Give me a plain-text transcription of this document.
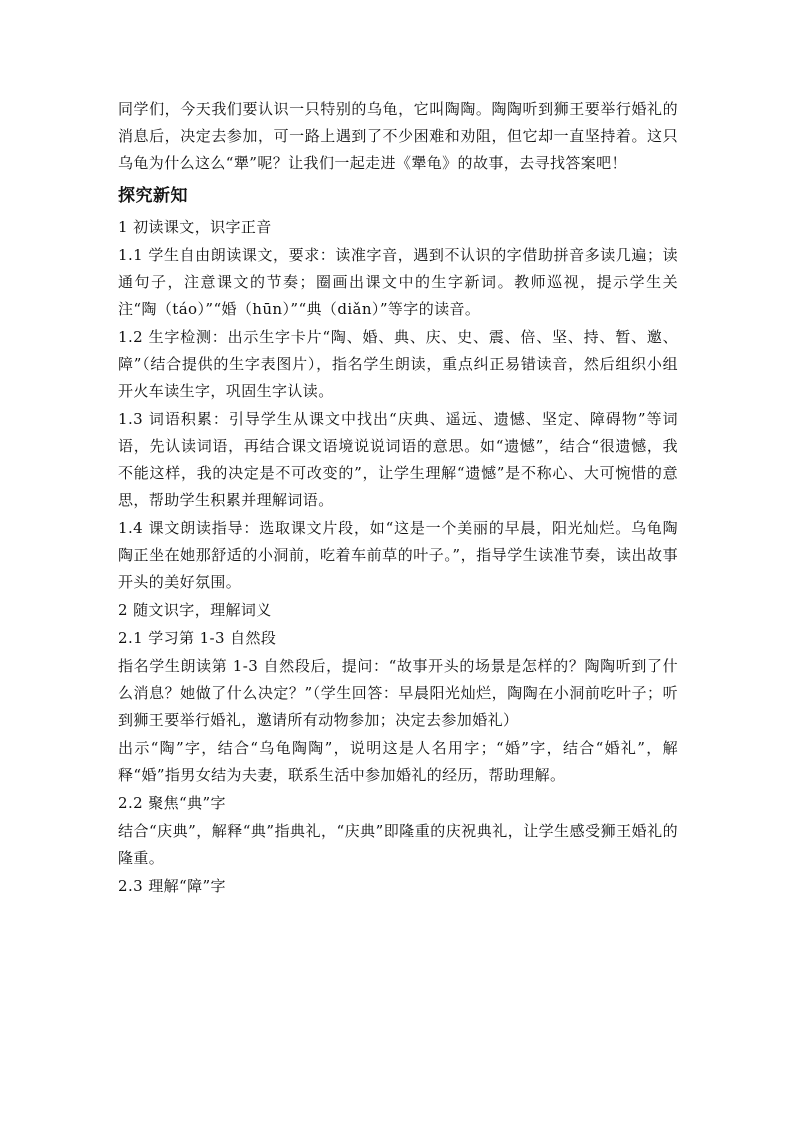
同学们，今天我们要认识一只特别的乌龟，它叫陶陶。陶陶听到狮王要举行婚礼的消息后，决定去参加，可一路上遇到了不少困难和劝阻，但它却一直坚持着。这只乌龟为什么这么“犟”呢？让我们一起走进《犟龟》的故事，去寻找答案吧！

探究新知

1 初读课文，识字正音

1.1 学生自由朗读课文，要求：读准字音，遇到不认识的字借助拼音多读几遍；读通句子，注意课文的节奏；圈画出课文中的生字新词。教师巡视，提示学生关注“陶（táo）”“婚（hūn）”“典（diǎn）”等字的读音。

1.2 生字检测：出示生字卡片“陶、婚、典、庆、史、震、倍、坚、持、暂、邀、障”（结合提供的生字表图片），指名学生朗读，重点纠正易错读音，然后组织小组开火车读生字，巩固生字认读。

1.3 词语积累：引导学生从课文中找出“庆典、遥远、遗憾、坚定、障碍物”等词语，先认读词语，再结合课文语境说说词语的意思。如“遗憾”，结合“很遗憾，我不能这样，我的决定是不可改变的”，让学生理解“遗憾”是不称心、大可惋惜的意思，帮助学生积累并理解词语。

1.4 课文朗读指导：选取课文片段，如“这是一个美丽的早晨，阳光灿烂。乌龟陶陶正坐在她那舒适的小洞前，吃着车前草的叶子。”，指导学生读准节奏，读出故事开头的美好氛围。

2 随文识字，理解词义

2.1 学习第 1-3 自然段

指名学生朗读第 1-3 自然段后，提问：“故事开头的场景是怎样的？陶陶听到了什么消息？她做了什么决定？”（学生回答：早晨阳光灿烂，陶陶在小洞前吃叶子；听到狮王要举行婚礼，邀请所有动物参加；决定去参加婚礼）

出示“陶”字，结合“乌龟陶陶”，说明这是人名用字；“婚”字，结合“婚礼”，解释“婚”指男女结为夫妻，联系生活中参加婚礼的经历，帮助理解。

2.2 聚焦“典”字

结合“庆典”，解释“典”指典礼，“庆典”即隆重的庆祝典礼，让学生感受狮王婚礼的隆重。

2.3 理解“障”字
